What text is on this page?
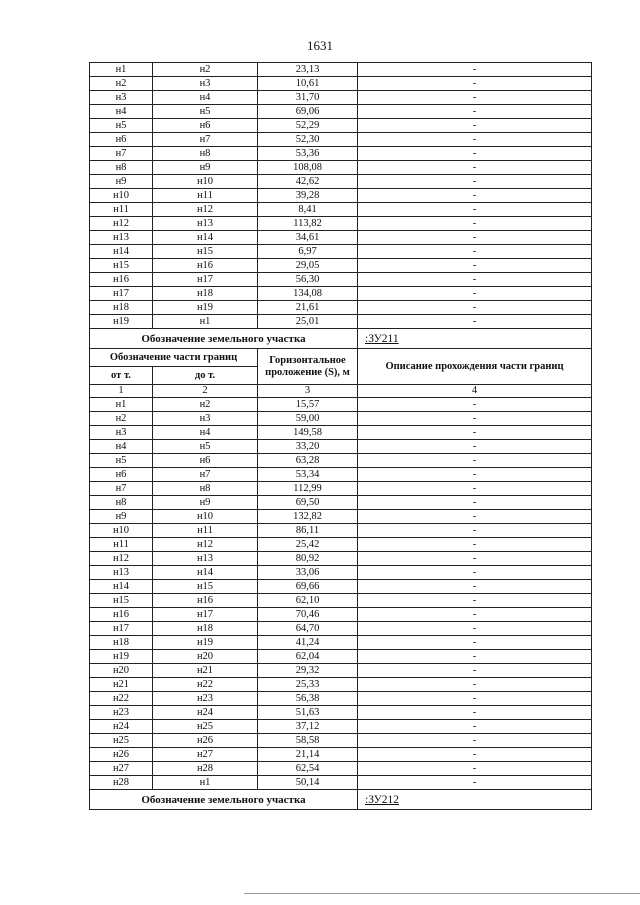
1631
н1	н2	23,13	-
н2	н3	10,61	-
н3	н4	31,70	-
н4	н5	69,06	-
н5	н6	52,29	-
н6	н7	52,30	-
н7	н8	53,36	-
н8	н9	108,08	-
н9	н10	42,62	-
н10	н11	39,28	-
н11	н12	8,41	-
н12	н13	113,82	-
н13	н14	34,61	-
н14	н15	6,97	-
н15	н16	29,05	-
н16	н17	56,30	-
н17	н18	134,08	-
н18	н19	21,61	-
н19	н1	25,01	-
Обозначение земельного участка			:ЗУ211
Обозначение части границ		Горизонтальное проложение (S), м	Описание прохождения части границ
от т.	до т.		
1	2	3	4
н1	н2	15,57	-
н2	н3	59,00	-
н3	н4	149,58	-
н4	н5	33,20	-
н5	н6	63,28	-
н6	н7	53,34	-
н7	н8	112,99	-
н8	н9	69,50	-
н9	н10	132,82	-
н10	н11	86,11	-
н11	н12	25,42	-
н12	н13	80,92	-
н13	н14	33,06	-
н14	н15	69,66	-
н15	н16	62,10	-
н16	н17	70,46	-
н17	н18	64,70	-
н18	н19	41,24	-
н19	н20	62,04	-
н20	н21	29,32	-
н21	н22	25,33	-
н22	н23	56,38	-
н23	н24	51,63	-
н24	н25	37,12	-
н25	н26	58,58	-
н26	н27	21,14	-
н27	н28	62,54	-
н28	н1	50,14	-
Обозначение земельного участка			:ЗУ212
